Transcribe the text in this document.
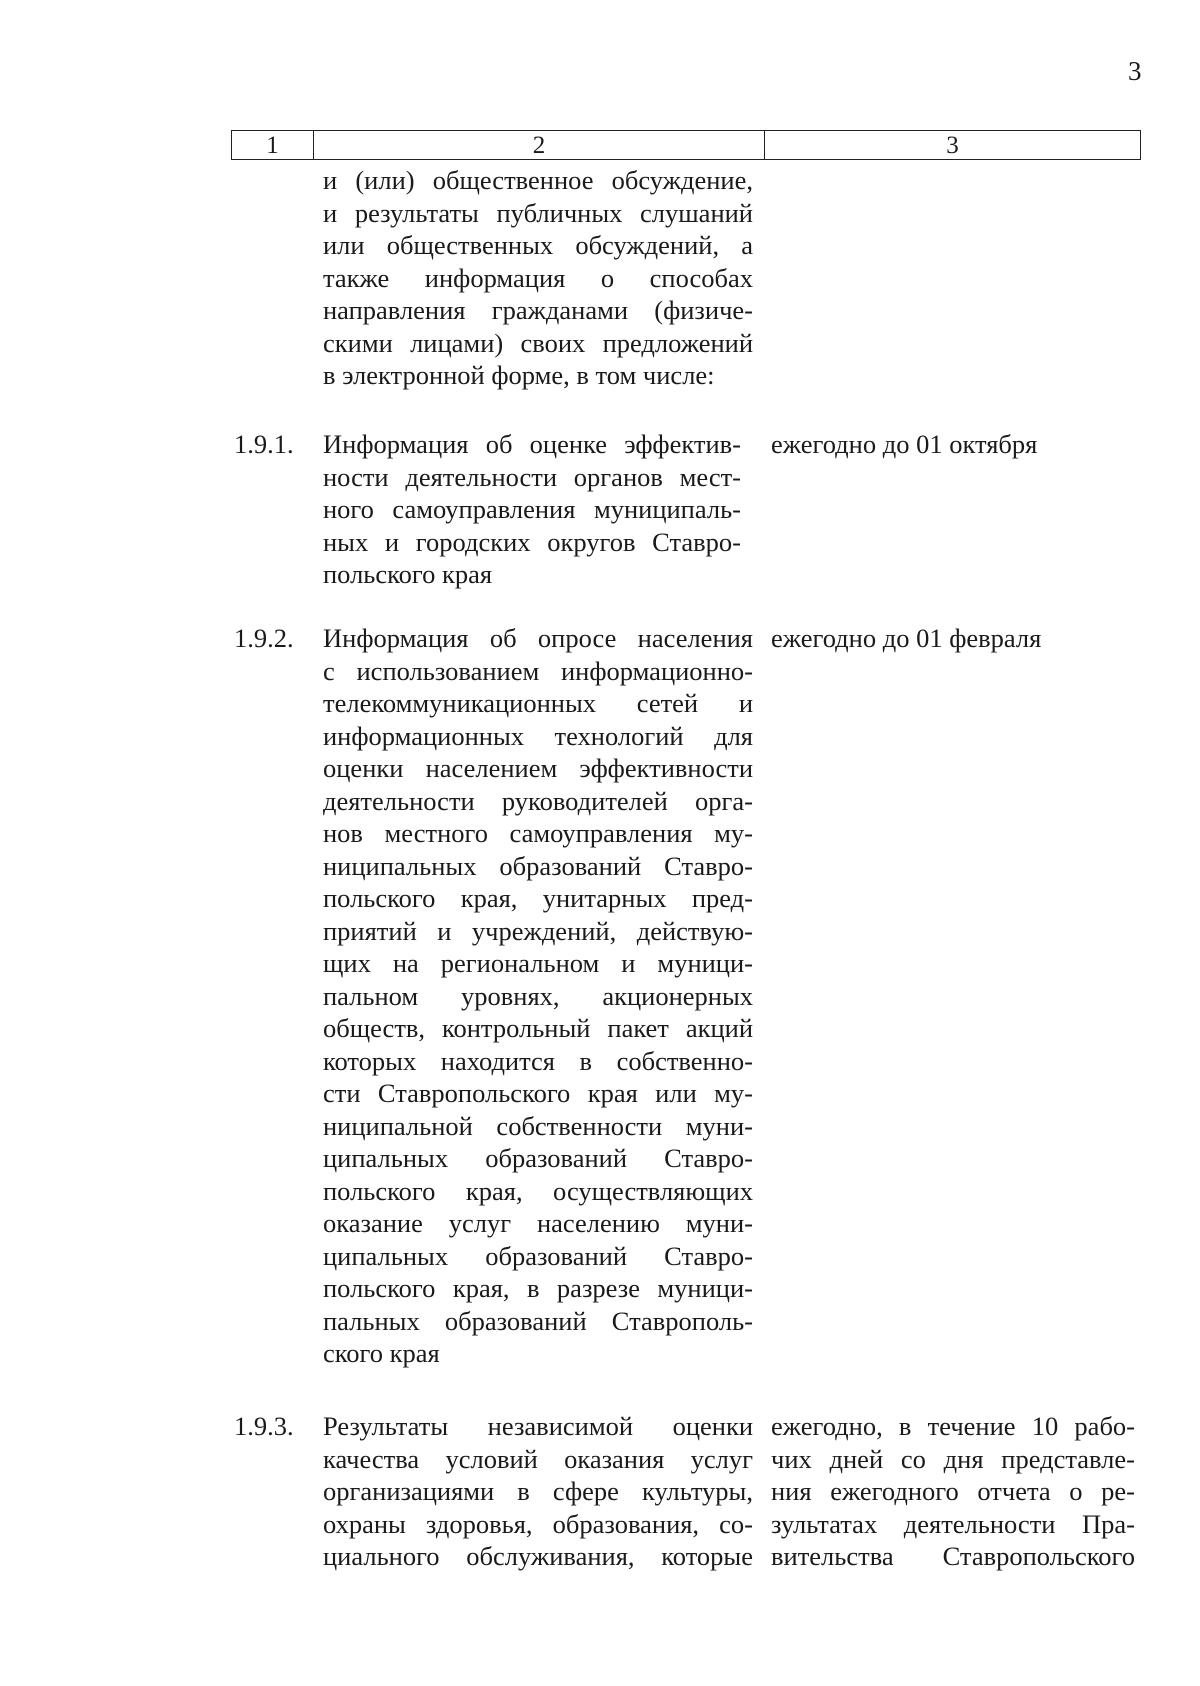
3
1	2	3
и (или) общественное обсуждение,
и результаты публичных слушаний
или общественных обсуждений, а
также информация о способах
направления гражданами (физиче-
скими лицами) своих предложений
в электронной форме, в том числе:
1.9.1. Информация об оценке эффектив-
ности деятельности органов мест-
ного самоуправления муниципаль-
ных и городских округов Ставро-
польского края
ежегодно до 01 октября
1.9.2. Информация об опросе населения
с использованием информационно-
телекоммуникационных сетей и
информационных технологий для
оценки населением эффективности
деятельности руководителей орга-
нов местного самоуправления му-
ниципальных образований Ставро-
польского края, унитарных пред-
приятий и учреждений, действую-
щих на региональном и муници-
пальном уровнях, акционерных
обществ, контрольный пакет акций
которых находится в собственно-
сти Ставропольского края или му-
ниципальной собственности муни-
ципальных образований Ставро-
польского края, осуществляющих
оказание услуг населению муни-
ципальных образований Ставро-
польского края, в разрезе муници-
пальных образований Ставрополь-
ского края
ежегодно до 01 февраля
1.9.3. Результаты независимой оценки
качества условий оказания услуг
организациями в сфере культуры,
охраны здоровья, образования, со-
циального обслуживания, которые
ежегодно, в течение 10 рабо-
чих дней со дня представле-
ния ежегодного отчета о ре-
зультатах деятельности Пра-
вительства Ставропольского
